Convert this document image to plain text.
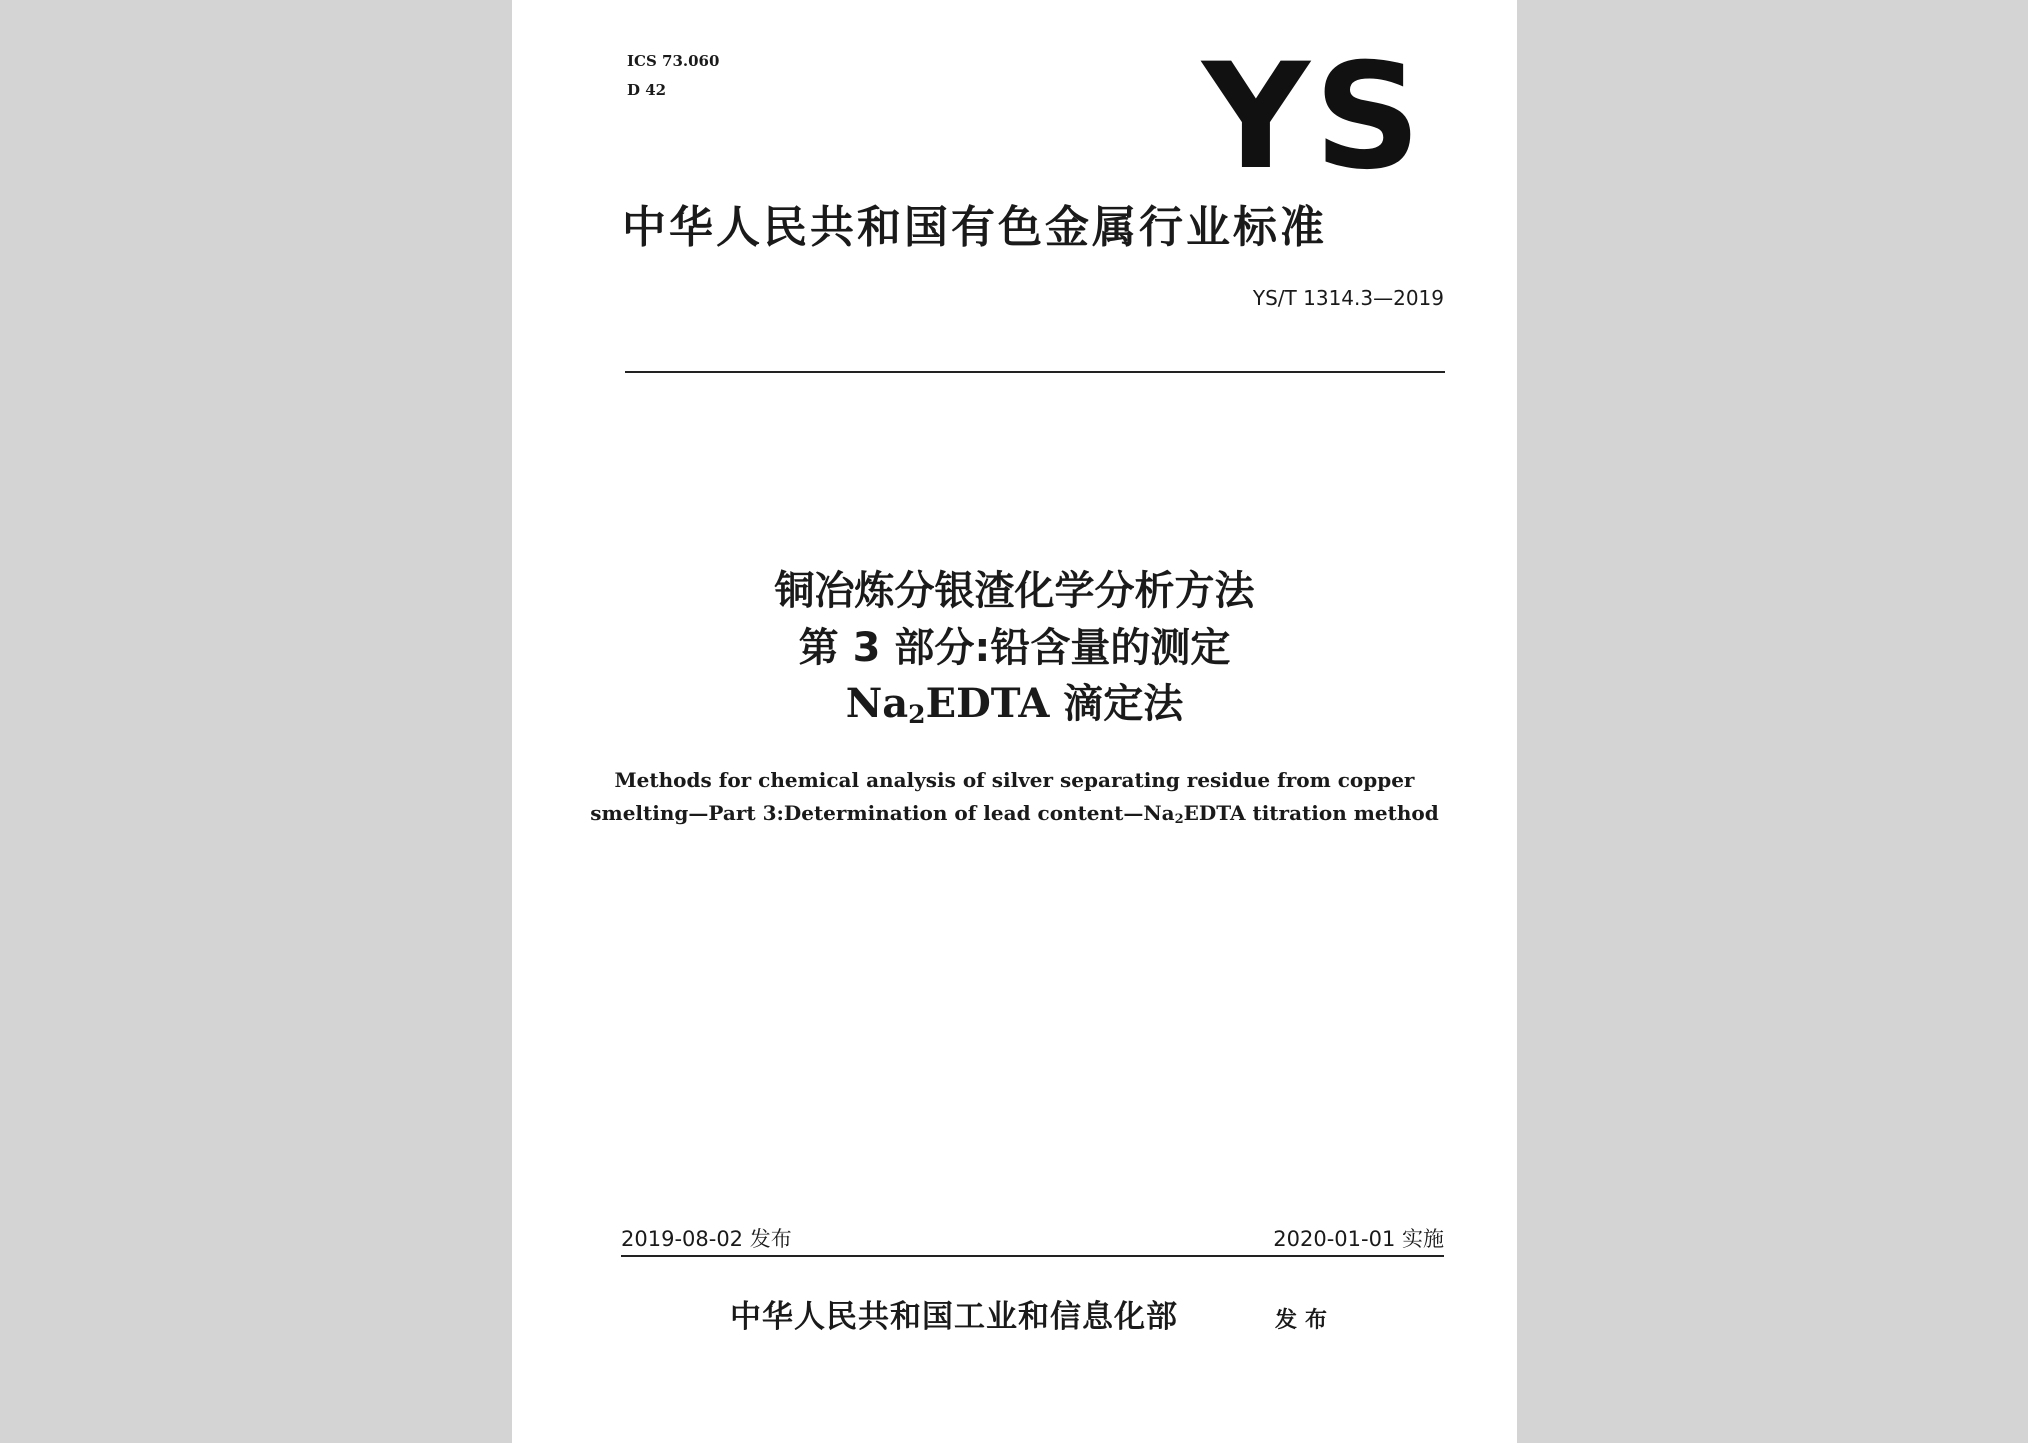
ICS 73.060
D 42	YS
中华人民共和国有色金属行业标准
YS/T 1314.3—2019
铜冶炼分银渣化学分析方法
第 3 部分:铅含量的测定
$Na_2EDTA$ 滴定法
Methods for chemical analysis of silver separating residue from copper
smelting—Part 3:Determination of lead $content—Na_2EDTA$ titration method
2019-08-02 发布	2020-01-01 实施
中华人民共和国工业和信息化部	发布
